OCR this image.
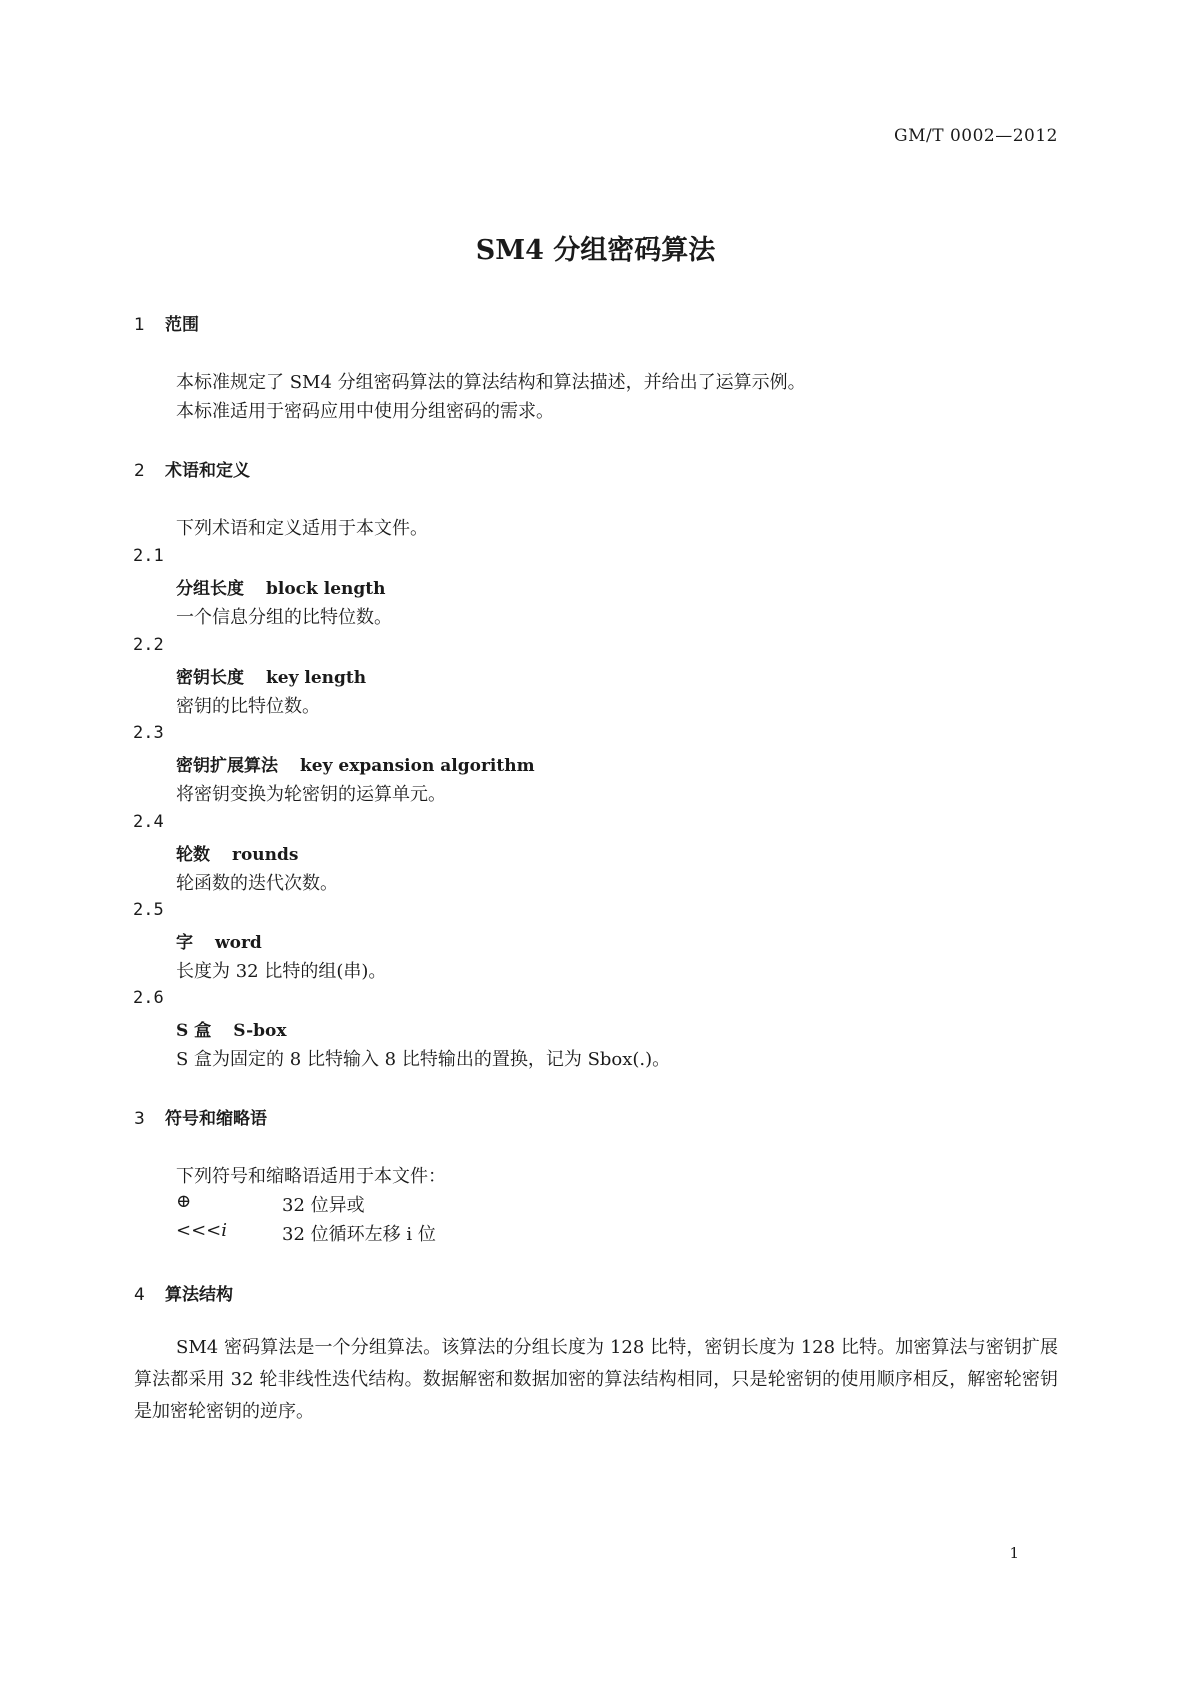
GM/T 0002—2012
SM4 分组密码算法
1 范围
本标准规定了 SM4 分组密码算法的算法结构和算法描述，并给出了运算示例。
本标准适用于密码应用中使用分组密码的需求。
2 术语和定义
下列术语和定义适用于本文件。
2.1
分组长度 block length
一个信息分组的比特位数。
2.2
密钥长度 key length
密钥的比特位数。
2.3
密钥扩展算法 key expansion algorithm
将密钥变换为轮密钥的运算单元。
2.4
轮数 rounds
轮函数的迭代次数。
2.5
字 word
长度为 32 比特的组(串)。
2.6
S 盒 S-box
S 盒为固定的 8 比特输入 8 比特输出的置换，记为 Sbox(.)。
3 符号和缩略语
下列符号和缩略语适用于本文件：
⊕	32 位异或
<<<i	32 位循环左移 i 位
4 算法结构
SM4 密码算法是一个分组算法。该算法的分组长度为 128 比特，密钥长度为 128 比特。加密算法与密钥扩展算法都采用 32 轮非线性迭代结构。数据解密和数据加密的算法结构相同，只是轮密钥的使用顺序相反，解密轮密钥是加密轮密钥的逆序。
1
